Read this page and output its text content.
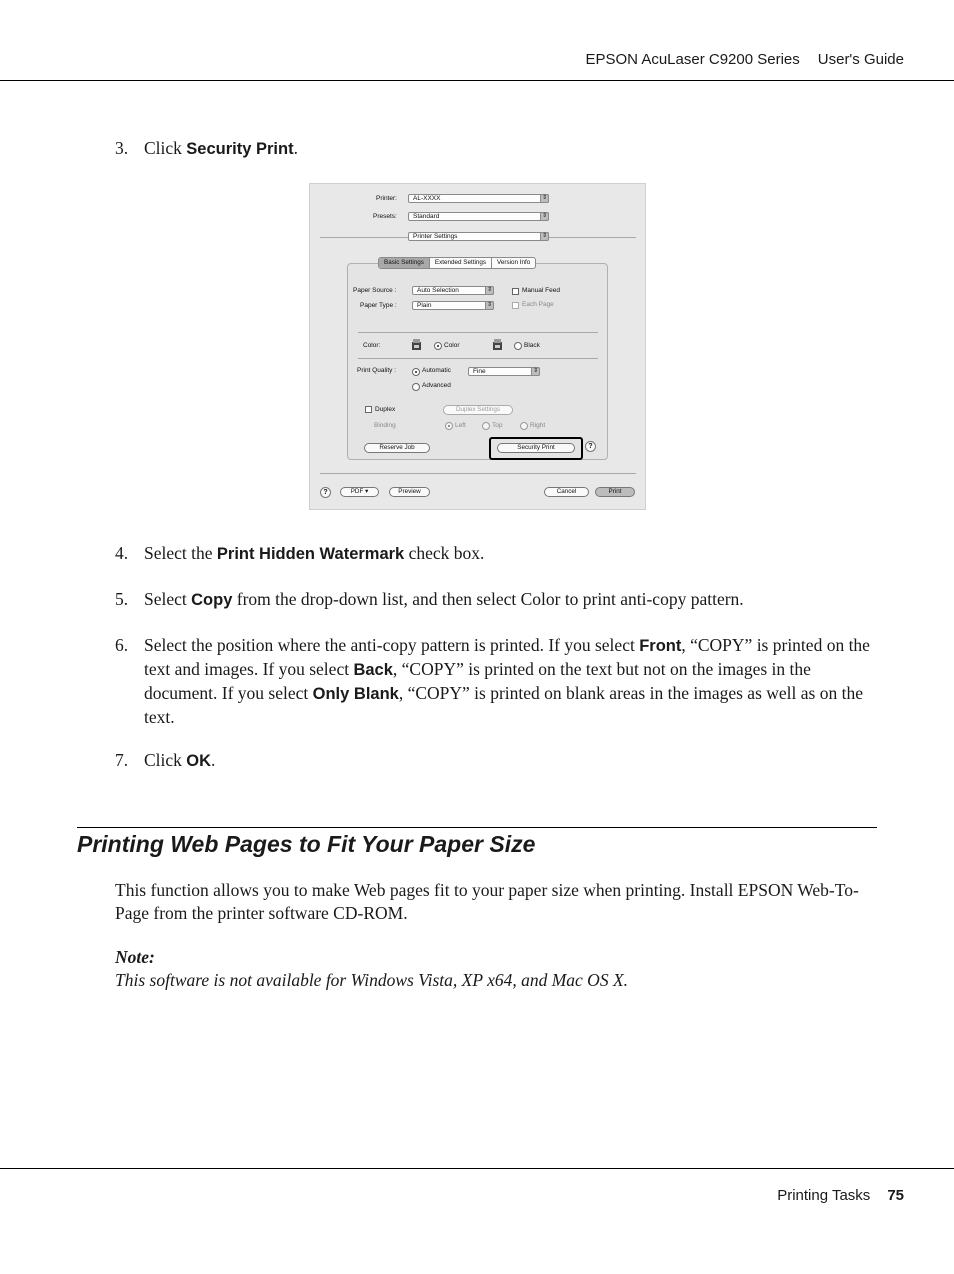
EPSON AcuLaser C9200 Series User's Guide
3. Click Security Print.
Printer:	AL-XXXX	⇕
Presets:	Standard	⇕
Printer Settings	⇕
Basic Settings	Extended Settings	Version Info
Paper Source :	Auto Selection	⇕
Paper Type :	Plain	⇕
Manual Feed
Each Page
Color:	Color	Black
Print Quality :	Automatic	Fine	⇕
Advanced
Duplex	Duplex Settings
Binding	Left	Top	Right
Reserve Job	Security Print	?
?	PDF ▾	Preview	Cancel	Print
4. Select the Print Hidden Watermark check box.
5. Select Copy from the drop-down list, and then select Color to print anti-copy pattern.
6. Select the position where the anti-copy pattern is printed. If you select Front, “COPY” is printed on the text and images. If you select Back, “COPY” is printed on the text but not on the images in the document. If you select Only Blank, “COPY” is printed on blank areas in the images as well as on the text.
7. Click OK.
Printing Web Pages to Fit Your Paper Size
This function allows you to make Web pages fit to your paper size when printing. Install EPSON Web-To-Page from the printer software CD-ROM.
Note:
This software is not available for Windows Vista, XP x64, and Mac OS X.
Printing Tasks 75
